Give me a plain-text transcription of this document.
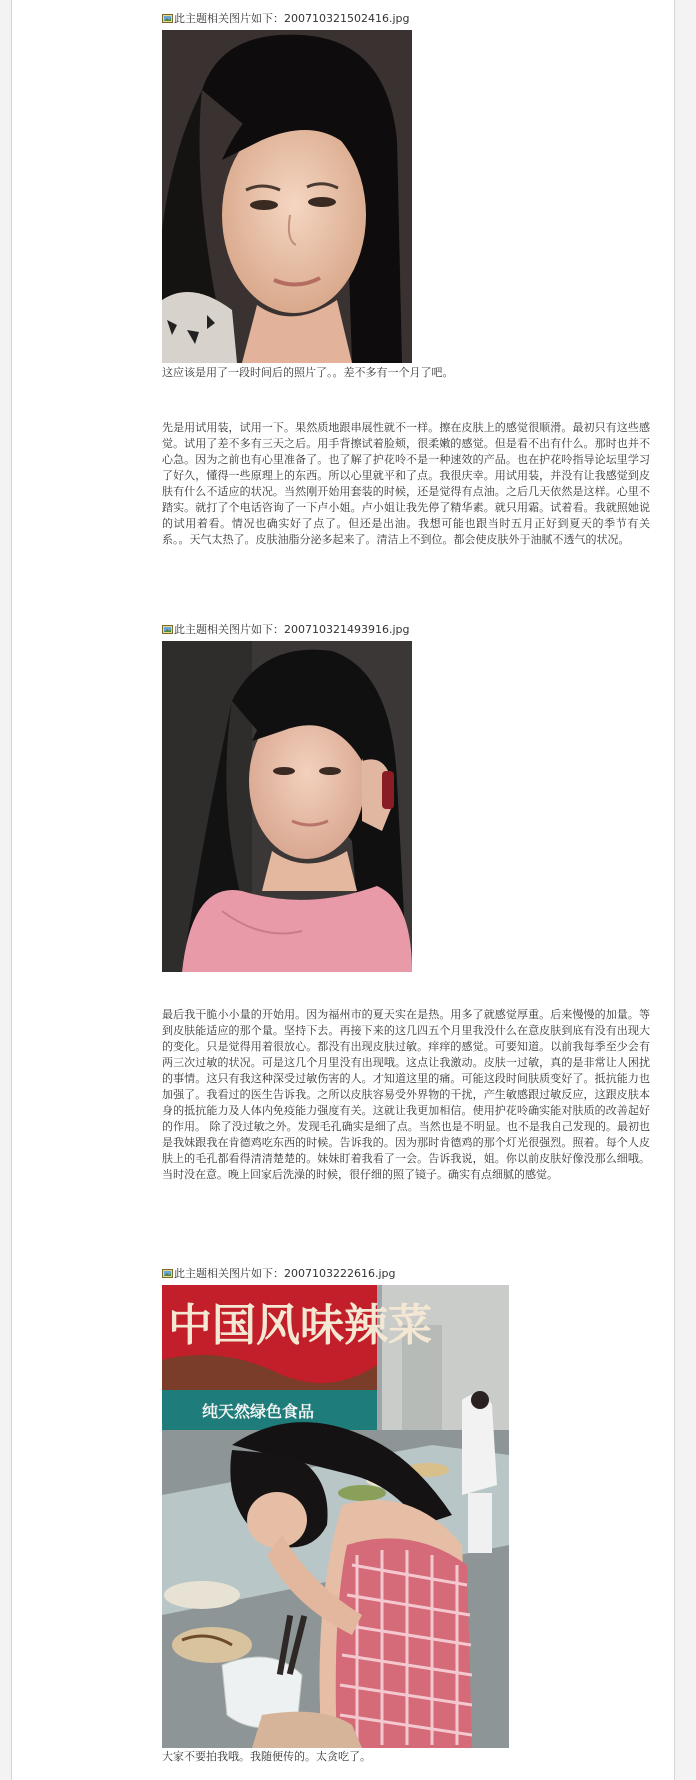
此主题相关图片如下：20071032150241​6.jpg
这应该是用了一段时间后的照片了。。差不多有一个月了吧。
先是用试用装，试用一下。果然质地跟串展性就不一样。擦在皮肤上的感觉很顺滑。最初只有这些感觉。试用了差不多有三天之后。用手背擦试着脸颊，很柔嫩的感觉。但是看不出有什么。那时也并不心急。因为之前也有心里准备了。也了解了护花呤不是一种速效的产品。也在护花呤指导论坛里学习了好久，懂得一些原理上的东西。所以心里就平和了点。我很庆幸。用试用装，并没有让我感觉到皮肤有什么不适应的状况。当然刚开始用套装的时候，还是觉得有点油。之后几天依然是这样。心里不踏实。就打了个电话咨询了一下卢小姐。卢小姐让我先停了精华素。就只用霜。试着看。我就照她说的试用着看。情况也确实好了点了。但还是出油。我想可能也跟当时五月正好到夏天的季节有关系。。天气太热了。皮肤油脂分泌多起来了。清洁上不到位。都会使皮肤外于油腻不透气的状况。
此主题相关图片如下：200710321493916.jpg
最后我干脆小小量的开始用。因为福州市的夏天实在是热。用多了就感觉厚重。后来慢慢的加量。等到皮肤能适应的那个量。坚持下去。再接下来的这几四五个月里我没什么在意皮肤到底有没有出现大的变化。只是觉得用着很放心。都没有出现皮肤过敏。痒痒的感觉。可要知道。以前我每季至少会有两三次过敏的状况。可是这几个月里没有出现哦。这点让我激动。皮肤一过敏，真的是非常让人困扰的事情。这只有我这种深受过敏伤害的人。才知道这里的痛。可能这段时间肤质变好了。抵抗能力也加强了。我看过的医生告诉我。之所以皮肤容易受外界物的干扰，产生敏感跟过敏反应，这跟皮肤本身的抵抗能力及人体内免疫能力强度有关。这就让我更加相信。使用护花呤确实能对肤质的改善起好的作用。 除了没过敏之外。发现毛孔确实是细了点。当然也是不明显。也不是我自己发现的。最初也是我妹跟我在肯德鸡吃东西的时候。告诉我的。因为那时肯德鸡的那个灯光很强烈。照着。每个人皮肤上的毛孔都看得清清楚楚的。妹妹盯着我看了一会。告诉我说，姐。你以前皮肤好像没那么细哦。当时没在意。晚上回家后洗澡的时候，很仔细的照了镜子。确实有点细腻的感觉。
此主题相关图片如下：2007103222616.jpg
中国风味辣菜
纯天然绿色食品
大家不要拍我哦。我随便传的。太贪吃了。
